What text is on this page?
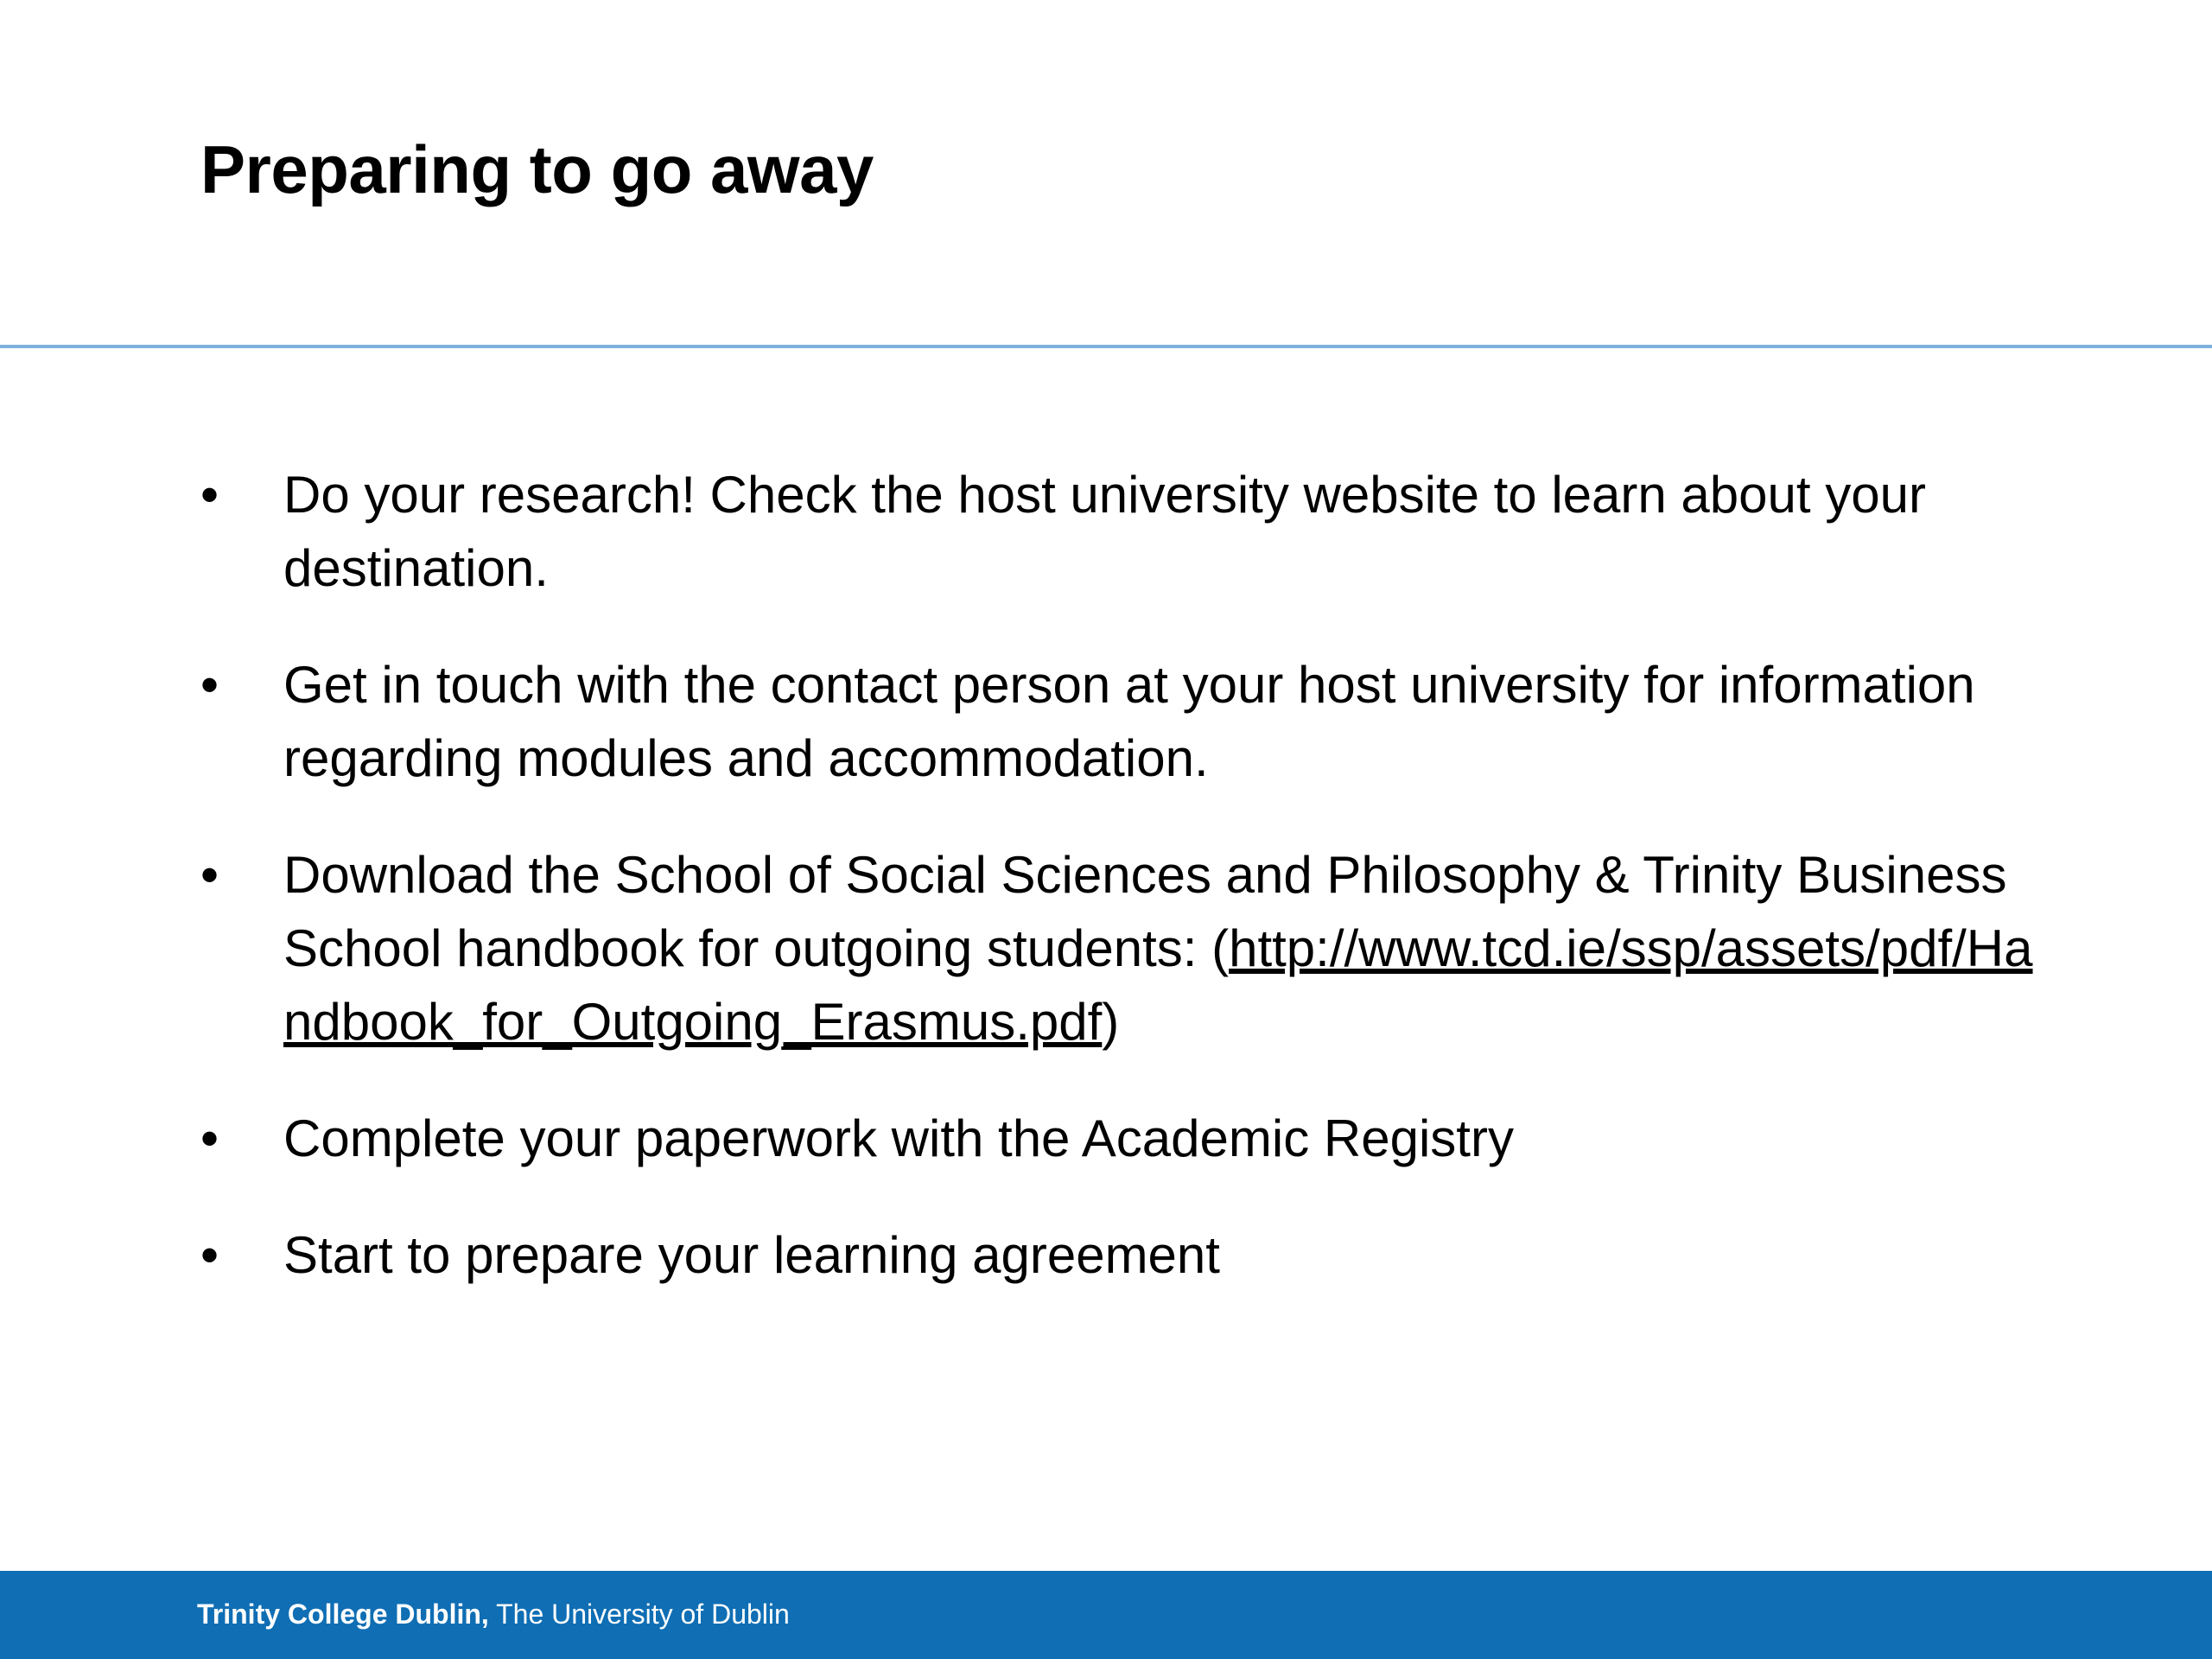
Preparing to go away
•	Do your research! Check the host university website to learn about your destination.
•	Get in touch with the contact person at your host university for information regarding modules and accommodation.
•	Download the School of Social Sciences and Philosophy & Trinity Business School handbook for outgoing students: (http://www.tcd.ie/ssp/assets/pdf/Handbook_for_Outgoing_Erasmus.pdf)
•	Complete your paperwork with the Academic Registry
•	Start to prepare your learning agreement
Trinity College Dublin, The University of Dublin
